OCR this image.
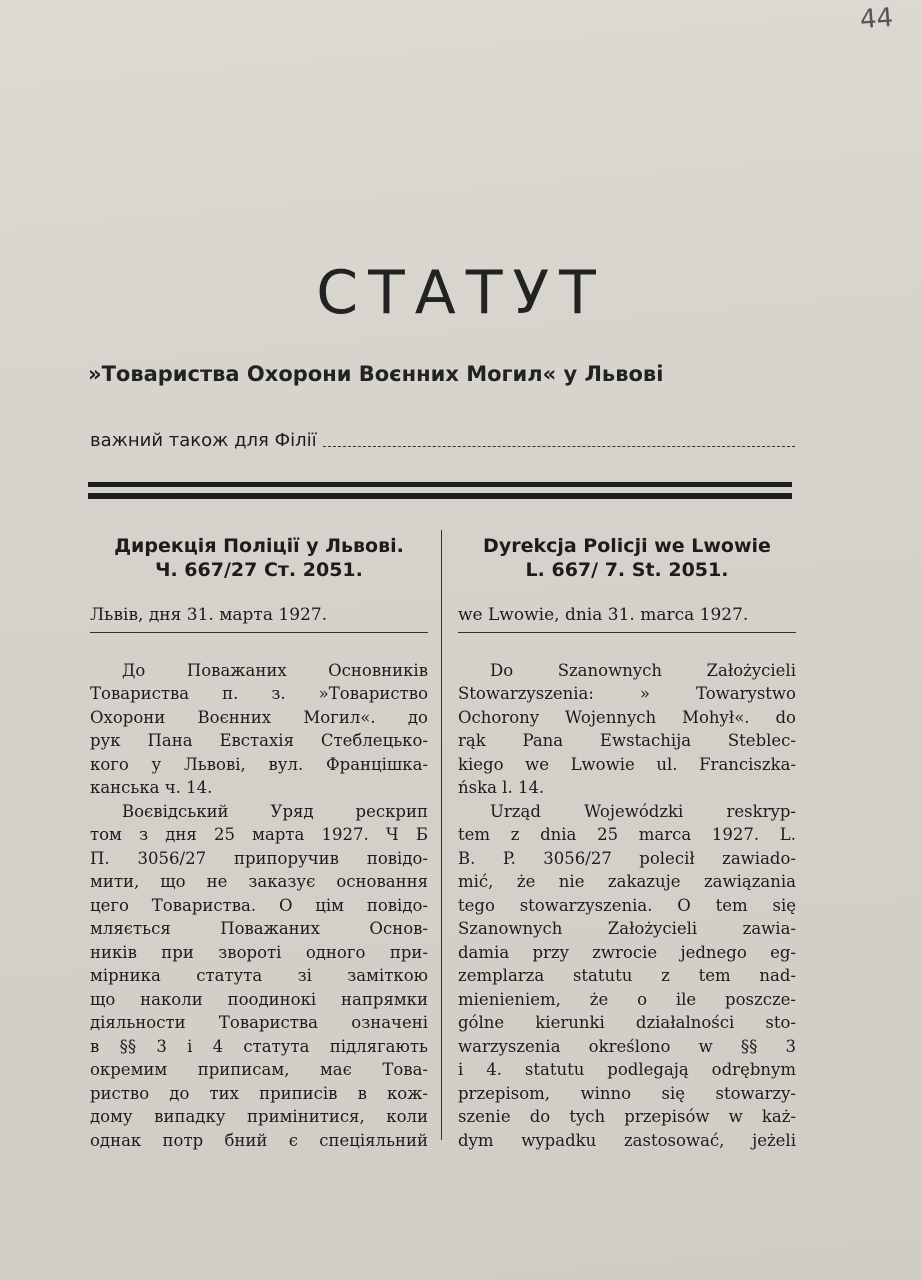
44
СТАТУТ
»Товариства Охорони Воєнних Могил« у Львові
важний також для Філії
Дирекція Поліції у Львові.
Ч. 667/27 Ст. 2051.
Львів, дня 31. марта 1927.
До Поважаних Основників
Товариства п. з. »Товариство
Охорони Воєнних Могил«. до
рук Пана Евстахія Стеблецько-
кого у Львові, вул. Францішка-
канська ч. 14.
Воєвідський Уряд рескрип
том з дня 25 марта 1927. Ч Б
П. 3056/27 припоручив повідо-
мити, що не заказує основання
цего Товариства. О цім повідо-
мляється Поважаних Основ-
ників при звороті одного при-
мірника статута зі заміткою
що наколи поодинокі напрямки
діяльности Товариства означені
в §§ 3 і 4 статута підлягають
окремим приписам, має Това-
риство до тих приписів в кож-
дому випадку примінитися, коли
однак потр бний є спеціяльний
Dyrekcja Policji we Lwowie
L. 667/ 7. St. 2051.
we Lwowie, dnia 31. marca 1927.
Do Szanownych Założycieli
Stowarzyszenia: » Towarystwo
Ochorony Wojennych Mohył«. do
rąk Pana Ewstachija Stebleс-
kiego we Lwowie ul. Franciszka-
ńska l. 14.
Urząd Wojewódzki reskryp-
tem z dnia 25 marca 1927. L.
B. P. 3056/27 polecił zawiado-
mić, że nie zakazuje zawiązania
tego stowarzyszenia. O tem się
Szanownych Założycieli zawia-
damia przy zwrocie jednego eg-
zemplarza statutu z tem nad-
mienieniem, że o ile poszcze-
gólne kierunki działalności sto-
warzyszenia określono w §§ 3
i 4. statutu podlegają odrębnym
przepisom, winno się stowarzy-
szenie do tych przepisów w każ-
dym wypadku zastosować, jeżeli
